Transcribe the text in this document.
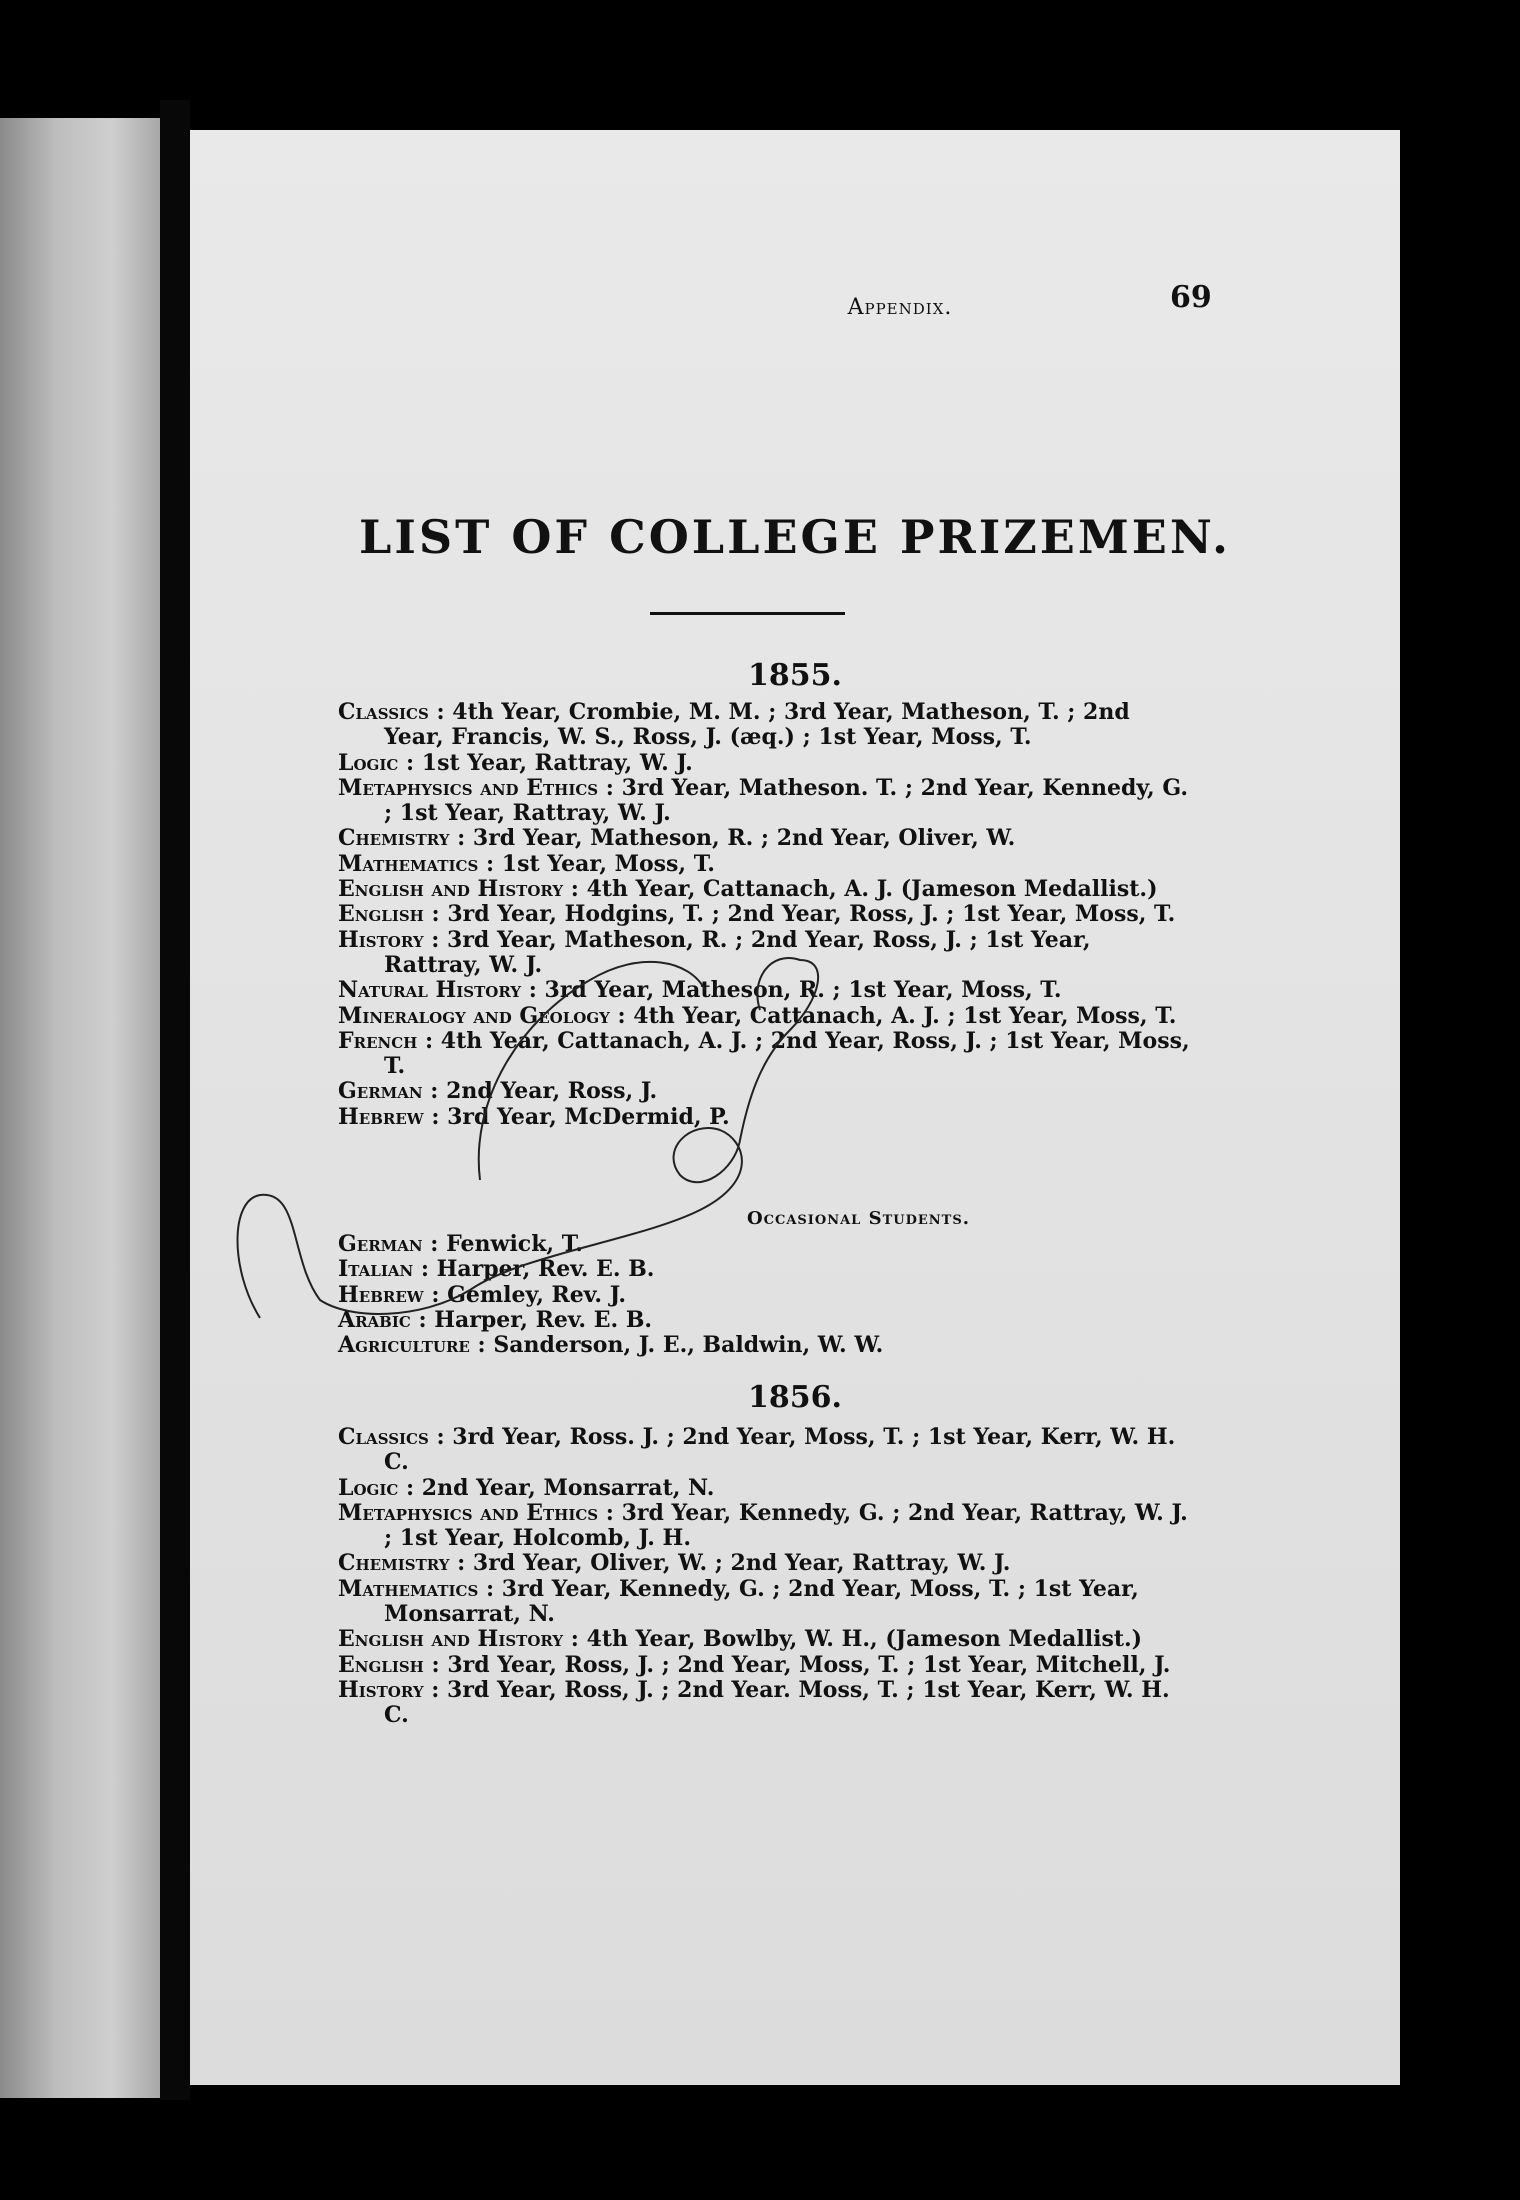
Appendix.	69
LIST OF COLLEGE PRIZEMEN.
1855.

Classics : 4th Year, Crombie, M. M. ; 3rd Year, Matheson, T. ; 2nd Year, Francis, W. S., Ross, J. (æq.) ; 1st Year, Moss, T.

Logic : 1st Year, Rattray, W. J.

Metaphysics and Ethics : 3rd Year, Matheson. T. ; 2nd Year, Kennedy, G. ; 1st Year, Rattray, W. J.

Chemistry : 3rd Year, Matheson, R. ; 2nd Year, Oliver, W.

Mathematics : 1st Year, Moss, T.

English and History : 4th Year, Cattanach, A. J. (Jameson Medallist.)

English : 3rd Year, Hodgins, T. ; 2nd Year, Ross, J. ; 1st Year, Moss, T.

History : 3rd Year, Matheson, R. ; 2nd Year, Ross, J. ; 1st Year, Rattray, W. J.

Natural History : 3rd Year, Matheson, R. ; 1st Year, Moss, T.

Mineralogy and Geology : 4th Year, Cattanach, A. J. ; 1st Year, Moss, T.

French : 4th Year, Cattanach, A. J. ; 2nd Year, Ross, J. ; 1st Year, Moss, T.

German : 2nd Year, Ross, J.

Hebrew : 3rd Year, McDermid, P.

Occasional Students.

German : Fenwick, T.

Italian : Harper, Rev. E. B.

Hebrew : Gemley, Rev. J.

Arabic : Harper, Rev. E. B.

Agriculture : Sanderson, J. E., Baldwin, W. W.

1856.

Classics : 3rd Year, Ross. J. ; 2nd Year, Moss, T. ; 1st Year, Kerr, W. H. C.

Logic : 2nd Year, Monsarrat, N.

Metaphysics and Ethics : 3rd Year, Kennedy, G. ; 2nd Year, Rattray, W. J. ; 1st Year, Holcomb, J. H.

Chemistry : 3rd Year, Oliver, W. ; 2nd Year, Rattray, W. J.

Mathematics : 3rd Year, Kennedy, G. ; 2nd Year, Moss, T. ; 1st Year, Monsarrat, N.

English and History : 4th Year, Bowlby, W. H., (Jameson Medallist.)

English : 3rd Year, Ross, J. ; 2nd Year, Moss, T. ; 1st Year, Mitchell, J.

History : 3rd Year, Ross, J. ; 2nd Year. Moss, T. ; 1st Year, Kerr, W. H. C.
